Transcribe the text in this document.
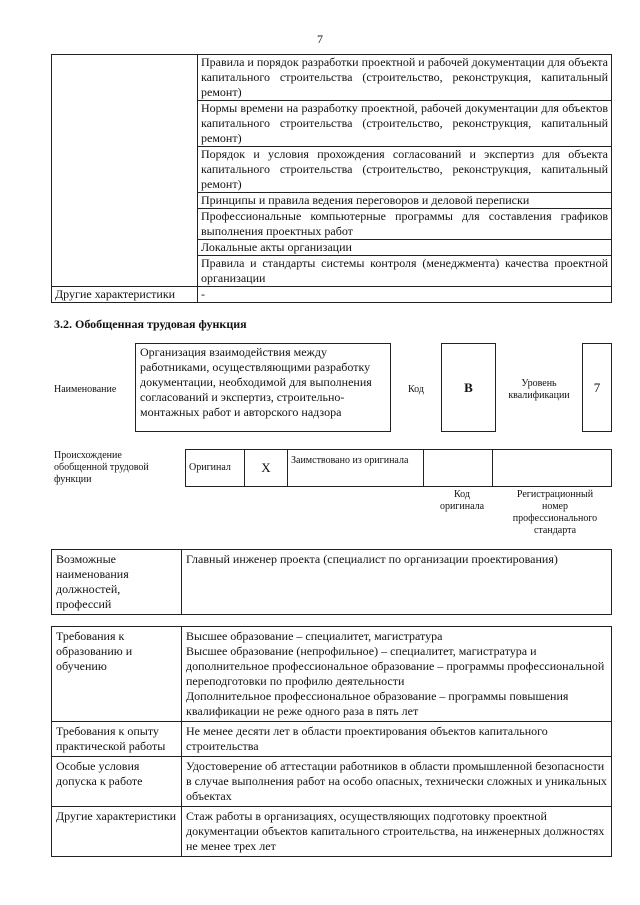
7
	Правила и порядок разработки проектной и рабочей документации для объекта капитального строительства (строительство, реконструкция, капитальный ремонт)
	Нормы времени на разработку проектной, рабочей документации для объектов капитального строительства (строительство, реконструкция, капитальный ремонт)
	Порядок и условия прохождения согласований и экспертиз для объекта капитального строительства (строительство, реконструкция, капитальный ремонт)
	Принципы и правила ведения переговоров и деловой переписки
	Профессиональные компьютерные программы для составления графиков выполнения проектных работ
	Локальные акты организации
	Правила и стандарты системы контроля (менеджмента) качества проектной организации
Другие характеристики	-
3.2. Обобщенная трудовая функция
Наименование
Организация взаимодействия между работниками, осуществляющими разработку документации, необходимой для выполнения согласований и экспертиз, строительно-монтажных работ и авторского надзора
Код	B	Уровень квалификации
7
Происхождение обобщенной трудовой функции
Оригинал	X	Заимствовано из оригинала		
Код оригинала
Регистрационный номер профессионального стандарта
Возможные наименования должностей, профессий	Главный инженер проекта (специалист по организации проектирования)
Требования к образованию и обучению	Высшее образование – специалитет, магистратура
Высшее образование (непрофильное) – специалитет, магистратура и дополнительное профессиональное образование – программы профессиональной переподготовки по профилю деятельности
Дополнительное профессиональное образование – программы повышения квалификации не реже одного раза в пять лет

Требования к опыту практической работы	Не менее десяти лет в области проектирования объектов капитального строительства

Особые условия допуска к работе	Удостоверение об аттестации работников в области промышленной безопасности в случае выполнения работ на особо опасных, технически сложных и уникальных объектах

Другие характеристики	Стаж работы в организациях, осуществляющих подготовку проектной документации объектов капитального строительства, на инженерных должностях не менее трех лет
